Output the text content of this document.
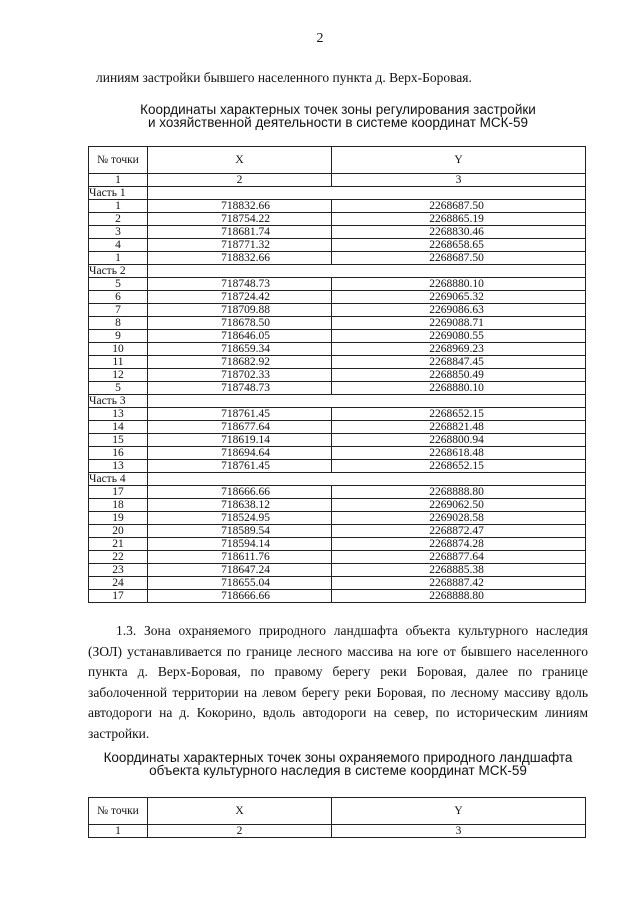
2
линиям застройки бывшего населенного пункта д. Верх-Боровая.
Координаты характерных точек зоны регулирования застройки
и хозяйственной деятельности в системе координат МСК-59
№ точки	X	Y
1	2	3
Часть 1		
1	718832.66	2268687.50
2	718754.22	2268865.19
3	718681.74	2268830.46
4	718771.32	2268658.65
1	718832.66	2268687.50
Часть 2		
5	718748.73	2268880.10
6	718724.42	2269065.32
7	718709.88	2269086.63
8	718678.50	2269088.71
9	718646.05	2269080.55
10	718659.34	2268969.23
11	718682.92	2268847.45
12	718702.33	2268850.49
5	718748.73	2268880.10
Часть 3		
13	718761.45	2268652.15
14	718677.64	2268821.48
15	718619.14	2268800.94
16	718694.64	2268618.48
13	718761.45	2268652.15
Часть 4		
17	718666.66	2268888.80
18	718638.12	2269062.50
19	718524.95	2269028.58
20	718589.54	2268872.47
21	718594.14	2268874.28
22	718611.76	2268877.64
23	718647.24	2268885.38
24	718655.04	2268887.42
17	718666.66	2268888.80
1.3. Зона охраняемого природного ландшафта объекта культурного наследия (ЗОЛ) устанавливается по границе лесного массива на юге от бывшего населенного пункта д. Верх-Боровая, по правому берегу реки Боровая, далее по границе заболоченной территории на левом берегу реки Боровая, по лесному массиву вдоль автодороги на д. Кокорино, вдоль автодороги на север, по историческим линиям застройки.
Координаты характерных точек зоны охраняемого природного ландшафта
объекта культурного наследия в системе координат МСК-59
№ точки	X	Y
1	2	3
